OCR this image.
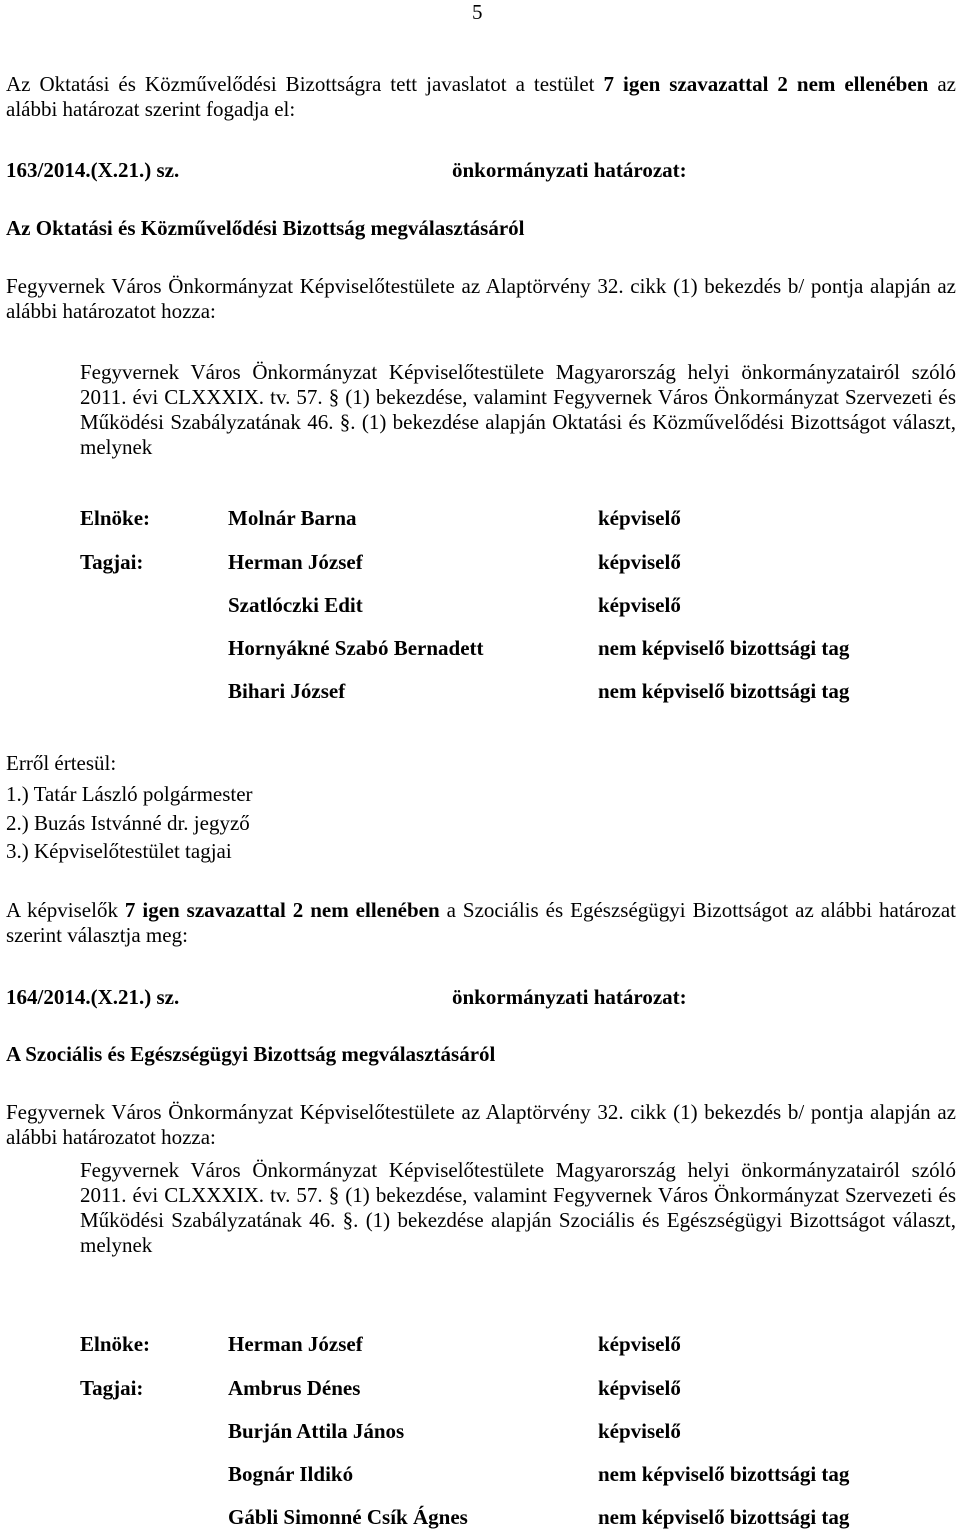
5
Az Oktatási és Közművelődési Bizottságra tett javaslatot a testület 7 igen szavazattal 2 nem ellenében az alábbi határozat szerint fogadja el:
163/2014.(X.21.) sz.	önkormányzati határozat:
Az Oktatási és Közművelődési Bizottság megválasztásáról
Fegyvernek Város Önkormányzat Képviselőtestülete az Alaptörvény 32. cikk (1) bekezdés b/ pontja alapján az alábbi határozatot hozza:
Fegyvernek Város Önkormányzat Képviselőtestülete Magyarország helyi önkormányzatairól szóló 2011. évi CLXXXIX. tv. 57. § (1) bekezdése, valamint Fegyvernek Város Önkormányzat Szervezeti és Működési Szabályzatának 46. §. (1) bekezdése alapján Oktatási és Közművelődési Bizottságot választ, melynek
Elnöke:	Molnár Barna	képviselő
Tagjai:	Herman József	képviselő
Szatlóczki Edit	képviselő
Hornyákné Szabó Bernadett	nem képviselő bizottsági tag
Bihari József	nem képviselő bizottsági tag
Erről értesül:
1.) Tatár László polgármester
2.) Buzás Istvánné dr. jegyző
3.) Képviselőtestület tagjai
A képviselők 7 igen szavazattal 2 nem ellenében a Szociális és Egészségügyi Bizottságot az alábbi határozat szerint választja meg:
164/2014.(X.21.) sz.	önkormányzati határozat:
A Szociális és Egészségügyi Bizottság megválasztásáról
Fegyvernek Város Önkormányzat Képviselőtestülete az Alaptörvény 32. cikk (1) bekezdés b/ pontja alapján az alábbi határozatot hozza:
Fegyvernek Város Önkormányzat Képviselőtestülete Magyarország helyi önkormányzatairól szóló 2011. évi CLXXXIX. tv. 57. § (1) bekezdése, valamint Fegyvernek Város Önkormányzat Szervezeti és Működési Szabályzatának 46. §. (1) bekezdése alapján Szociális és Egészségügyi Bizottságot választ, melynek
Elnöke:	Herman József	képviselő
Tagjai:	Ambrus Dénes	képviselő
Burján Attila János	képviselő
Bognár Ildikó	nem képviselő bizottsági tag
Gábli Simonné Csík Ágnes	nem képviselő bizottsági tag
